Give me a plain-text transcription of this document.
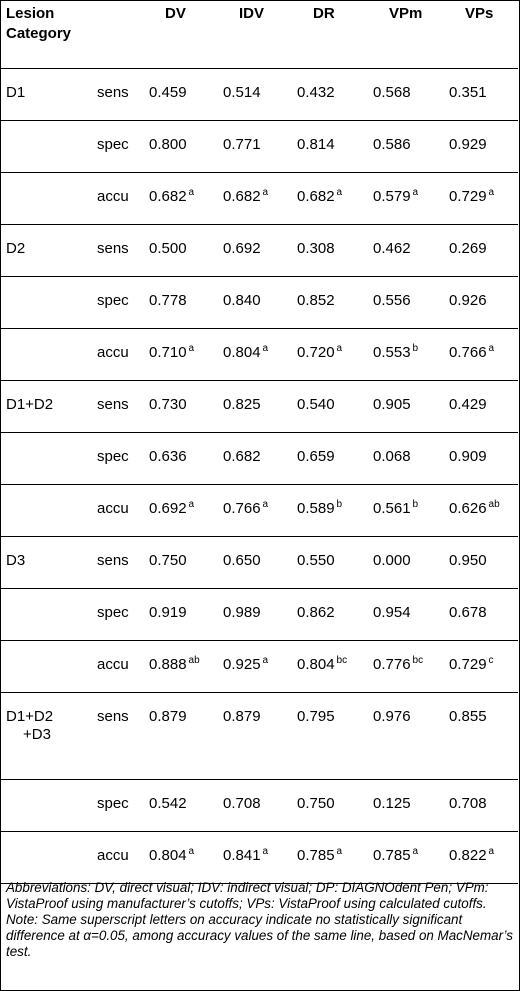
Lesion
Category		DV	IDV	DR	VPm	VPs
D1	sens	0.459	0.514	0.432	0.568	0.351
	spec	0.800	0.771	0.814	0.586	0.929
	accu	0.682 $^a$	0.682 $^a$	0.682 $^a$	0.579 $^a$	0.729 $^a$
D2	sens	0.500	0.692	0.308	0.462	0.269
	spec	0.778	0.840	0.852	0.556	0.926
	accu	0.710 $^a$	0.804 $^a$	0.720 $^a$	0.553 $^b$	0.766 $^a$
D1+D2	sens	0.730	0.825	0.540	0.905	0.429
	spec	0.636	0.682	0.659	0.068	0.909
	accu	0.692 $^a$	0.766 $^a$	0.589 $^b$	0.561 $^b$	0.626 $^{ab}$
D3	sens	0.750	0.650	0.550	0.000	0.950
	spec	0.919	0.989	0.862	0.954	0.678
	accu	0.888 $^{ab}$	0.925 $^a$	0.804 $^{bc}$	0.776 $^{bc}$	0.729 $^c$
D1+D2
+D3	sens	0.879	0.879	0.795	0.976	0.855
	spec	0.542	0.708	0.750	0.125	0.708
	accu	0.804 $^a$	0.841 $^a$	0.785 $^a$	0.785 $^a$	0.822 $^a$

Abbreviations: DV, direct visual; IDV: indirect visual; DP: DIAGNOdent Pen; VPm: VistaProof using manufacturer’s cutoffs; VPs: VistaProof using calculated cutoffs.

Note: Same superscript letters on accuracy indicate no statistically significant difference at α=0.05, among accuracy values of the same line, based on MacNemar’s test.
